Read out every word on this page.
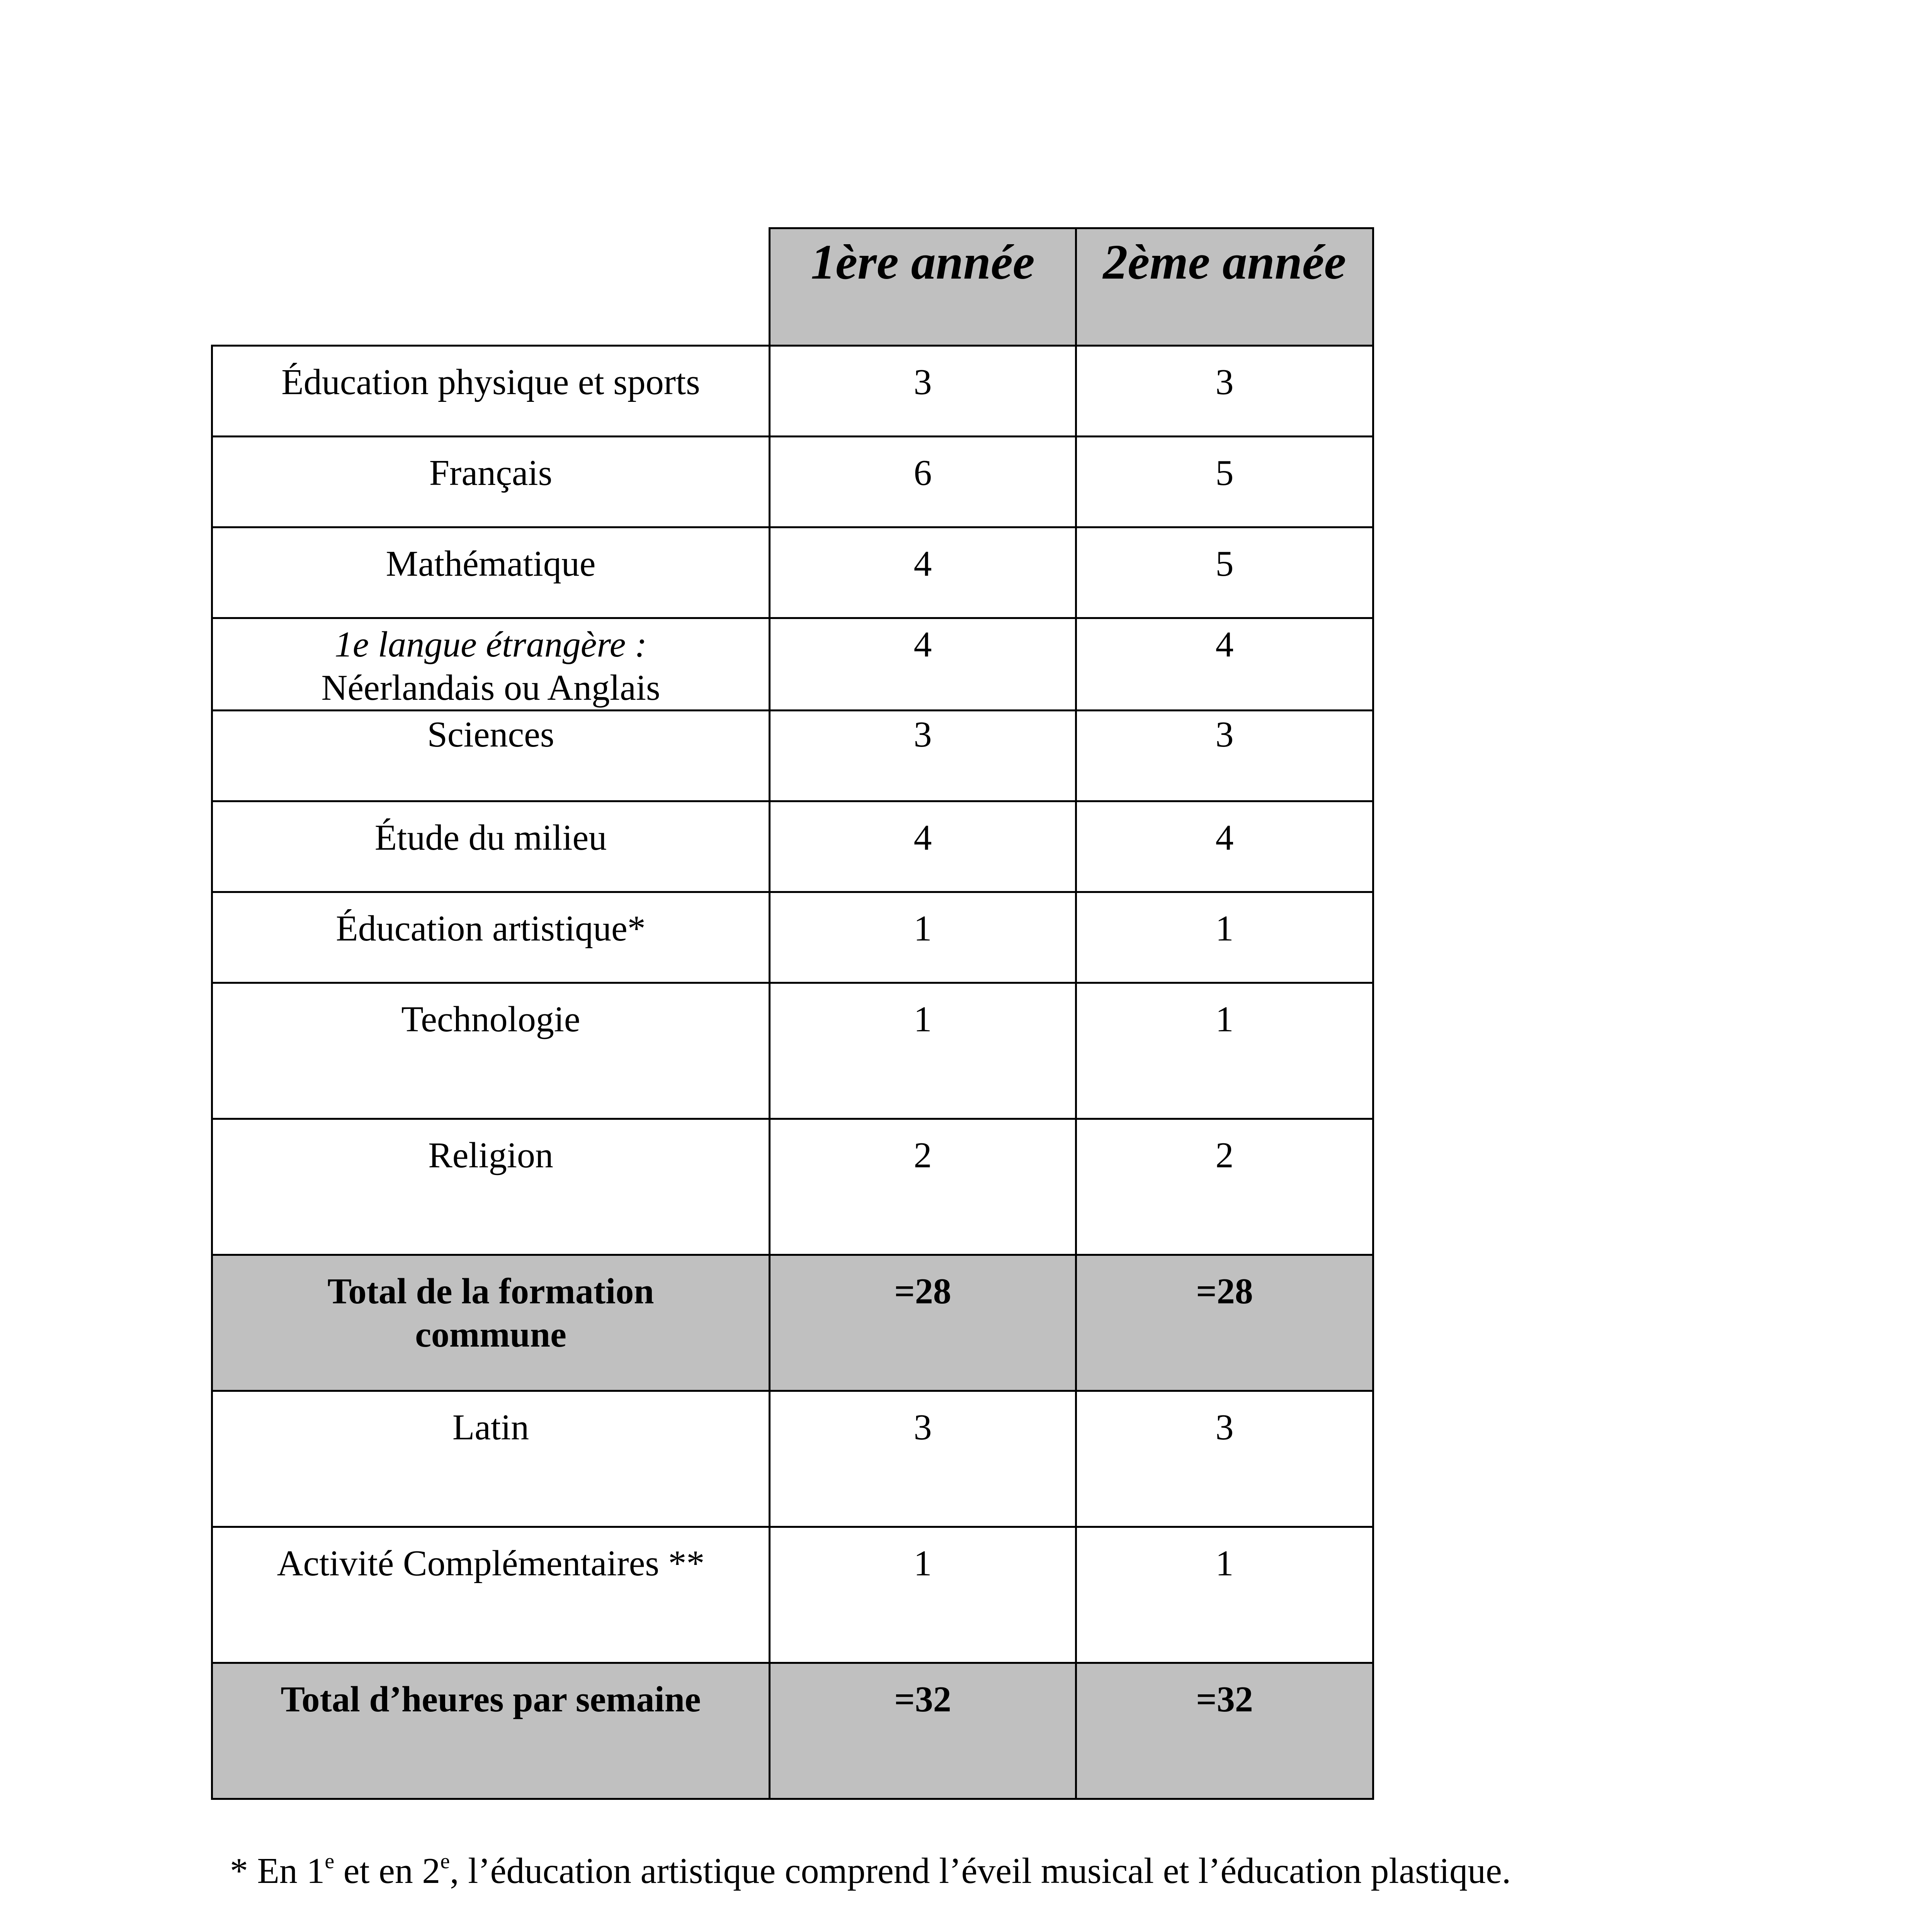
	1ère année	2ème année
Éducation physique et sports	3	3
Français	6	5
Mathématique	4	5

1e langue étrangère :
Néerlandais ou Anglais	4	4
Sciences	3	3
Étude du milieu	4	4
Éducation artistique*	1	1
Technologie	1	1
Religion	2	2

Total de la formation
commune	=28	=28
Latin	3	3
Activité Complémentaires **	1	1
Total d’heures par semaine	=32	=32
* En 1e et en 2e, l’éducation artistique comprend l’éveil musical et l’éducation plastique.
